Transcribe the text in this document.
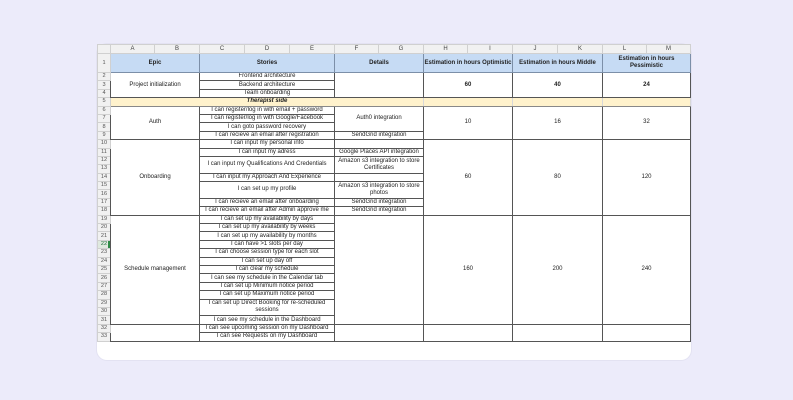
	A	B	C	D	E	F	G	H	I	J	K	L	M
1	Epic		Stories			Details		Estimation in hours Optimistic		Estimation in hours Middle		Estimation in hours Pessimistic	
2	Project initialization		Frontend architecture					60		40		24	
3			Backend architecture										
4			Team onboarding										
5	Therapist side												
6	Auth		I can register/log in with email + password			Auth0 integration		10		16		32	
7			I can register/log in with Google/Facebook										
8			I can goto password recovery										
9			I can recieve an email after registration			SendGrid integration							
10	Onboarding		I can input my personal info					60		80		120	
11			I can input my adress			Google Places API integration							
12			I can input my Qualifications And Credentials			Amazon s3 integration to store Certificates							
13													
14			I can input my Approach And Experience										
15			I can set up my profile			Amazon s3 integration to store photos							
16													
17			I can recieve an email after onboarding			SendGrid integration							
18			I can recieve an email after Admin approve me			SendGrid integration							
19	Schedule management		I can set up my availability by days					160		200		240	
20			I can set up my availability by weeks										
21			I can set up my availability by months										
22			I can have >1 slots per day										
23			I can choose session type for each slot										
24			I can set up day off										
25			I can clear my schedule										
26			I can see my schedule in the Calendar tab										
27			I can set up Minimum notice period										
28			I can set up Maximum notice period										
29			I can set up Direct Booking for re-scheduled sessions										
30													
31			I can see my schedule in the Dashboard										
32			I can see upcoming session on my Dashboard										
33			I can see Requests on my Dashboard										
